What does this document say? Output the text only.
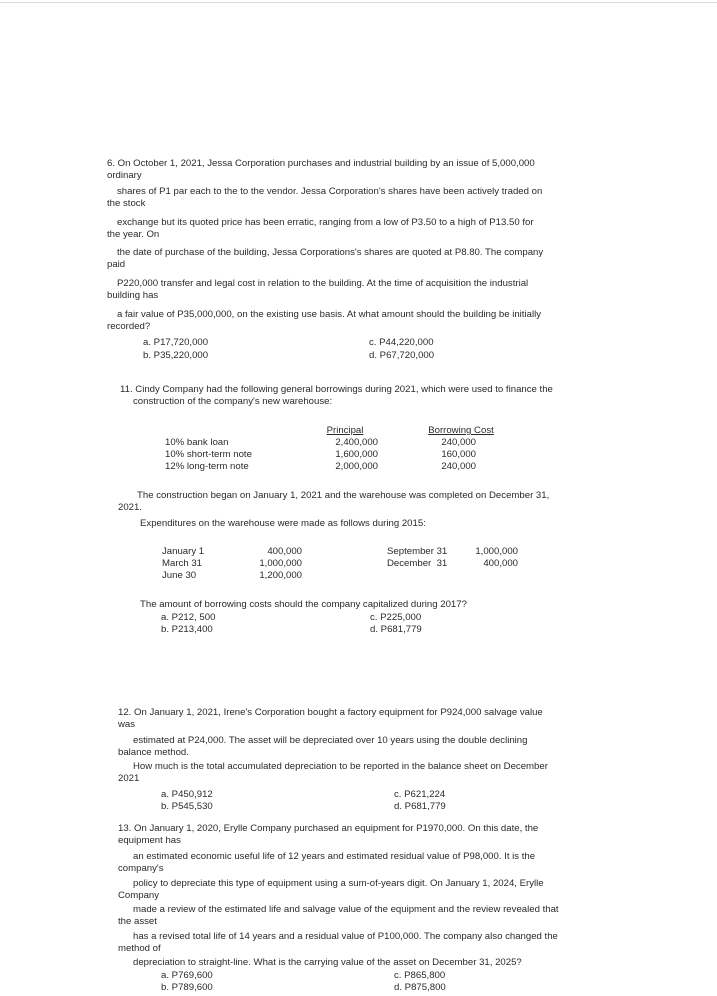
6. On October 1, 2021, Jessa Corporation purchases and industrial building by an issue of 5,000,000
ordinary
shares of P1 par each to the to the vendor. Jessa Corporation's shares have been actively traded on
the stock
exchange but its quoted price has been erratic, ranging from a low of P3.50 to a high of P13.50 for
the year. On
the date of purchase of the building, Jessa Corporations's shares are quoted at P8.80. The company
paid
P220,000 transfer and legal cost in relation to the building. At the time of acquisition the industrial
building has
a fair value of P35,000,000, on the existing use basis. At what amount should the building be initially
recorded?
a. P17,720,000
b. P35,220,000
c. P44,220,000
d. P67,720,000
11. Cindy Company had the following general borrowings during 2021, which were used to finance the
construction of the company's new warehouse:
Principal	Borrowing Cost
10% bank loan	2,400,000	240,000
10% short-term note	1,600,000	160,000
12% long-term note	2,000,000	240,000
The construction began on January 1, 2021 and the warehouse was completed on December 31,
2021.
Expenditures on the warehouse were made as follows during 2015:
January 1	400,000
March 31	1,000,000
June 30	1,200,000
September 31	1,000,000
December  31	400,000
The amount of borrowing costs should the company capitalized during 2017?
a. P212, 500
b. P213,400
c. P225,000
d. P681,779
12. On January 1, 2021, Irene's Corporation bought a factory equipment for P924,000 salvage value
was
estimated at P24,000. The asset will be depreciated over 10 years using the double declining
balance method.
How much is the total accumulated depreciation to be reported in the balance sheet on December
2021
a. P450,912
b. P545,530
c. P621,224
d. P681,779
13. On January 1, 2020, Erylle Company purchased an equipment for P1970,000. On this date, the
equipment has
an estimated economic useful life of 12 years and estimated residual value of P98,000. It is the
company's
policy to depreciate this type of equipment using a sum-of-years digit. On January 1, 2024, Erylle
Company
made a review of the estimated life and salvage value of the equipment and the review revealed that
the asset
has a revised total life of 14 years and a residual value of P100,000. The company also changed the
method of
depreciation to straight-line. What is the carrying value of the asset on December 31, 2025?
a. P769,600
b. P789,600
c. P865,800
d. P875,800
